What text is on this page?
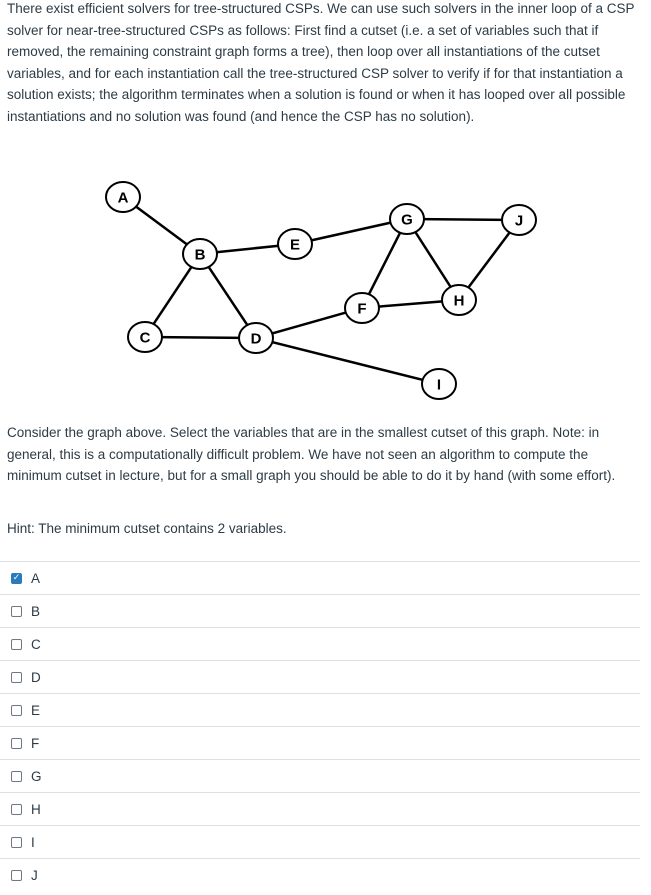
There exist efficient solvers for tree-structured CSPs. We can use such solvers in the inner loop of a CSP solver for near-tree-structured CSPs as follows: First find a cutset (i.e. a set of variables such that if removed, the remaining constraint graph forms a tree), then loop over all instantiations of the cutset variables, and for each instantiation call the tree-structured CSP solver to verify if for that instantiation a solution exists; the algorithm terminates when a solution is found or when it has looped over all possible instantiations and no solution was found (and hence the CSP has no solution).

A
B
C	D
E
F
G
H
I
J

Consider the graph above. Select the variables that are in the smallest cutset of this graph. Note: in general, this is a computationally difficult problem. We have not seen an algorithm to compute the minimum cutset in lecture, but for a small graph you should be able to do it by hand (with some effort).

Hint: The minimum cutset contains 2 variables.

✓ A
B
C
D
E
F
G
H
I
J
